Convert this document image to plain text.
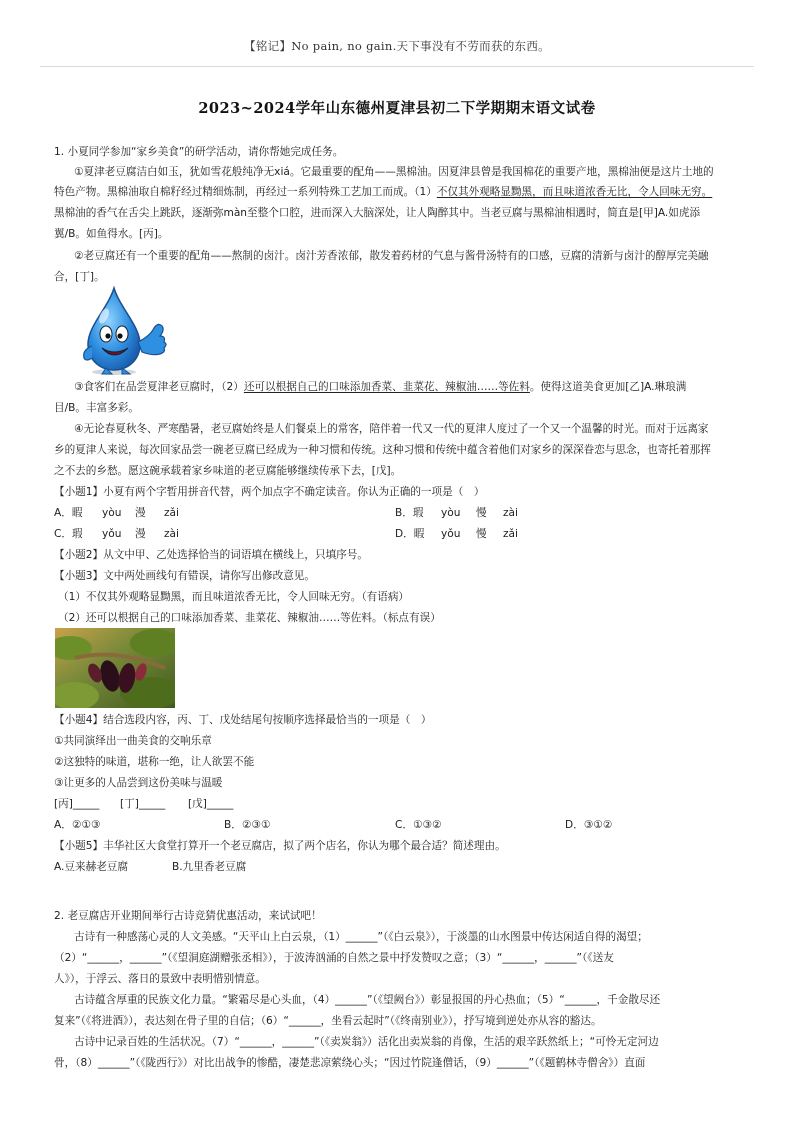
【铭记】No pain, no gain.天下事没有不劳而获的东西。
2023~2024学年山东德州夏津县初二下学期期末语文试卷
1. 小夏同学参加“家乡美食”的研学活动，请你帮她完成任务。
①夏津老豆腐洁白如玉，犹如雪花般纯净无xiá。它最重要的配角——黑棉油。因夏津县曾是我国棉花的重要产地，黑棉油便是这片土地的
特色产物。黑棉油取自棉籽经过精细炼制，再经过一系列特殊工艺加工而成。（1）不仅其外观略显黝黑，而且味道浓香无比，令人回味无穷。
黑棉油的香气在舌尖上跳跃，逐渐弥màn至整个口腔，进而深入大脑深处，让人陶醉其中。当老豆腐与黑棉油相遇时，简直是[甲]A.如虎添
翼/B。如鱼得水。[丙]。
②老豆腐还有一个重要的配角——熬制的卤汁。卤汁芳香浓郁，散发着药材的气息与酱骨汤特有的口感，豆腐的清新与卤汁的醇厚完美融
合，[丁]。
③食客们在品尝夏津老豆腐时，（2）还可以根据自己的口味添加香菜、韭菜花、辣椒油……等佐料。使得这道美食更加[乙]A.琳琅满
目/B。丰富多彩。
④无论春夏秋冬、严寒酷暑，老豆腐始终是人们餐桌上的常客，陪伴着一代又一代的夏津人度过了一个又一个温馨的时光。而对于远离家
乡的夏津人来说，每次回家品尝一碗老豆腐已经成为一种习惯和传统。这种习惯和传统中蕴含着他们对家乡的深深眷恋与思念，也寄托着那挥
之不去的乡愁。愿这碗承载着家乡味道的老豆腐能够继续传承下去，[戊]。
【小题1】小夏有两个字暂用拼音代替，两个加点字不确定读音。你认为正确的一项是（　）
A．暇 yòu 漫 zǎi	B．瑕 yòu 慢 zài
C．瑕 yǒu 漫 zài	D．暇 yǒu 慢 zǎi
【小题2】从文中甲、乙处选择恰当的词语填在横线上，只填序号。
【小题3】文中两处画线句有错误，请你写出修改意见。
（1）不仅其外观略显黝黑，而且味道浓香无比，令人回味无穷。（有语病）
（2）还可以根据自己的口味添加香菜、韭菜花、辣椒油……等佐料。（标点有误）
【小题4】结合选段内容，丙、丁、戊处结尾句按顺序选择最恰当的一项是（　）
①共同演绎出一曲美食的交响乐章
②这独特的味道，堪称一绝，让人欲罢不能
③让更多的人品尝到这份美味与温暖
[丙]_____ [丁]_____ [戊]_____
A．②①③	B．②③①	C．①③②	D．③①②
【小题5】丰华社区大食堂打算开一个老豆腐店，拟了两个店名，你认为哪个最合适？简述理由。
A.豆来赫老豆腐	B.九里香老豆腐
2. 老豆腐店开业期间举行古诗竞猜优惠活动，来试试吧！
古诗有一种感荡心灵的人文美感。“天平山上白云泉，（1）______”（《白云泉》），于淡墨的山水图景中传达闲适自得的渴望；
（2）“______，______”（《望洞庭湖赠张丞相》），于波涛汹涌的自然之景中抒发赞叹之意；（3）“______，______”（《送友
人》），于浮云、落日的景致中表明惜别情意。
古诗蕴含厚重的民族文化力量。“繁霜尽是心头血，（4）______”（《望阙台》）彰显报国的丹心热血；（5）“______，千金散尽还
复来”（《将进酒》），表达刻在骨子里的自信；（6）“______，坐看云起时”（《终南别业》），抒写境到逆处亦从容的豁达。
古诗中记录百姓的生活状况。（7）“______，______”（《卖炭翁》）活化出卖炭翁的肖像，生活的艰辛跃然纸上；“可怜无定河边
骨，（8）______”（《陇西行》）对比出战争的惨酷，凄楚悲凉萦绕心头；“因过竹院逢僧话，（9）______”（《题鹤林寺僧舍》）直面
